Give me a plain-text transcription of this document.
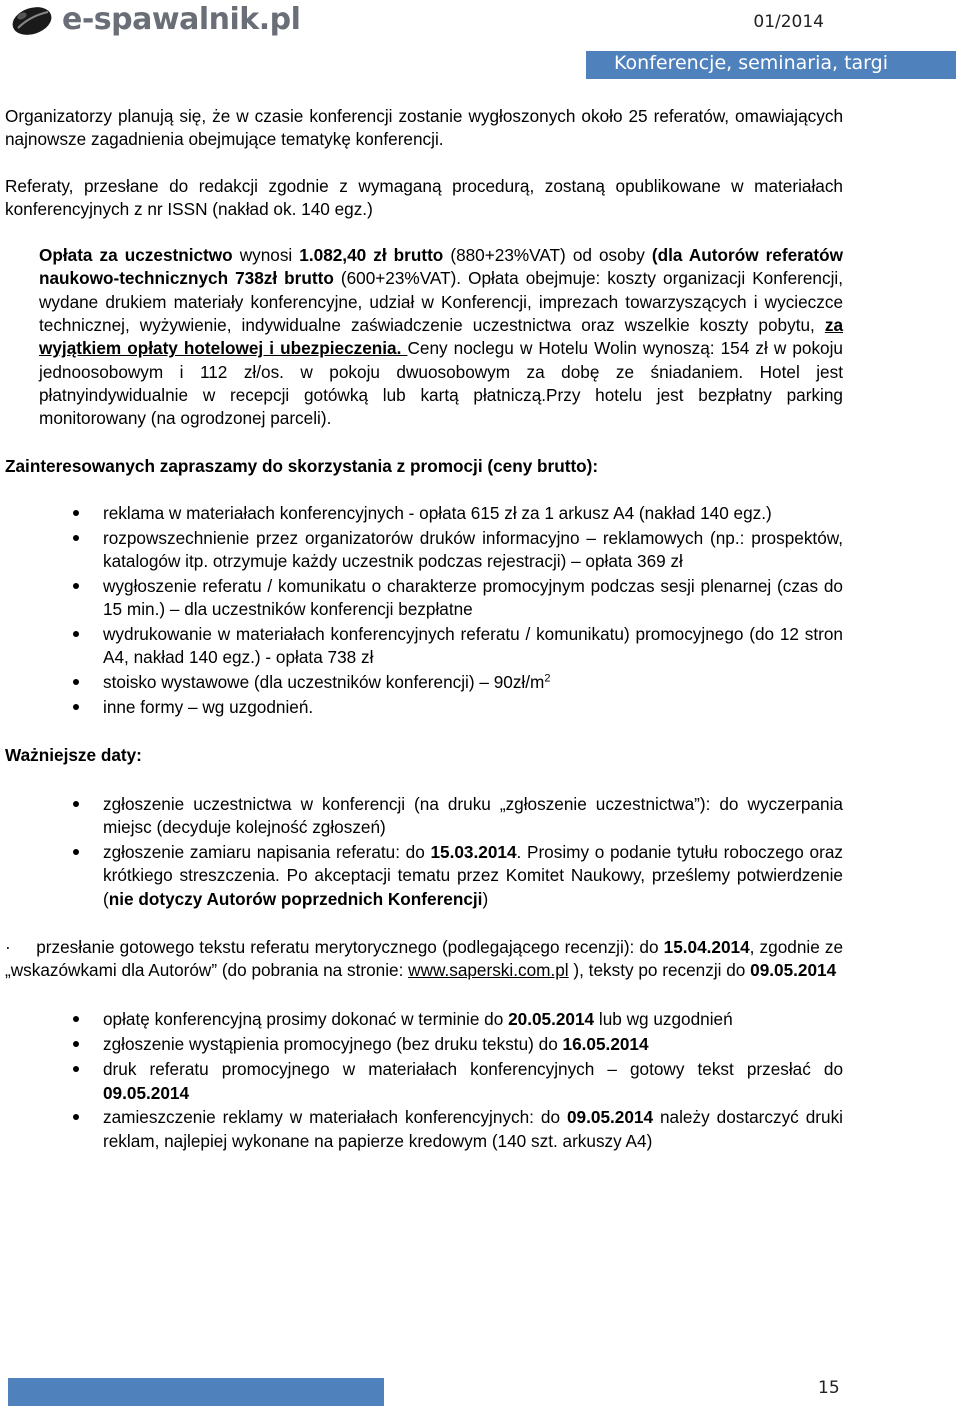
e-spawalnik.pl	01/2014
Konferencje, seminaria, targi

Organizatorzy planują się, że w czasie konferencji zostanie wygłoszonych około 25 referatów, omawiających najnowsze zagadnienia obejmujące tematykę konferencji.

Referaty, przesłane do redakcji zgodnie z wymaganą procedurą, zostaną opublikowane w materiałach konferencyjnych z nr ISSN (nakład ok. 140 egz.)

Opłata za uczestnictwo wynosi 1.082,40 zł brutto (880+23%VAT) od osoby (dla Autorów referatów naukowo-technicznych 738zł brutto (600+23%VAT). Opłata obejmuje: koszty organizacji Konferencji, wydane drukiem materiały konferencyjne, udział w Konferencji, imprezach towarzyszących i wycieczce technicznej, wyżywienie, indywidualne zaświadczenie uczestnictwa oraz wszelkie koszty pobytu, za wyjątkiem opłaty hotelowej i ubezpieczenia. Ceny noclegu w Hotelu Wolin wynoszą: 154 zł w pokoju jednoosobowym i 112 zł/os. w pokoju dwuosobowym za dobę ze śniadaniem. Hotel jest płatnyindywidualnie w recepcji gotówką lub kartą płatniczą.Przy hotelu jest bezpłatny parking monitorowany (na ogrodzonej parceli).

Zainteresowanych zapraszamy do skorzystania z promocji (ceny brutto):
reklama w materiałach konferencyjnych - opłata 615 zł za 1 arkusz A4 (nakład 140 egz.)
rozpowszechnienie przez organizatorów druków informacyjno – reklamowych (np.: prospektów, katalogów itp. otrzymuje każdy uczestnik podczas rejestracji) – opłata 369 zł
wygłoszenie referatu / komunikatu o charakterze promocyjnym podczas sesji plenarnej (czas do 15 min.) – dla uczestników konferencji bezpłatne
wydrukowanie w materiałach konferencyjnych referatu / komunikatu) promocyjnego (do 12 stron A4, nakład 140 egz.) - opłata 738 zł
stoisko wystawowe (dla uczestników konferencji) – $90zł/m^2$
inne formy – wg uzgodnień.
Ważniejsze daty:
zgłoszenie uczestnictwa w konferencji (na druku „zgłoszenie uczestnictwa”): do wyczerpania miejsc (decyduje kolejność zgłoszeń)
zgłoszenie zamiaru napisania referatu: do 15.03.2014. Prosimy o podanie tytułu roboczego oraz krótkiego streszczenia. Po akceptacji tematu przez Komitet Naukowy, prześlemy potwierdzenie (nie dotyczy Autorów poprzednich Konferencji)

·     przesłanie gotowego tekstu referatu merytorycznego (podlegającego recenzji): do 15.04.2014, zgodnie ze „wskazówkami dla Autorów” (do pobrania na stronie: www.saperski.com.pl ), teksty po recenzji do 09.05.2014

opłatę konferencyjną prosimy dokonać w terminie do 20.05.2014 lub wg uzgodnień
zgłoszenie wystąpienia promocyjnego (bez druku tekstu) do 16.05.2014
druk referatu promocyjnego w materiałach konferencyjnych – gotowy tekst przesłać do 09.05.2014
zamieszczenie reklamy w materiałach konferencyjnych: do 09.05.2014 należy dostarczyć druki reklam, najlepiej wykonane na papierze kredowym (140 szt. arkuszy A4)
15
